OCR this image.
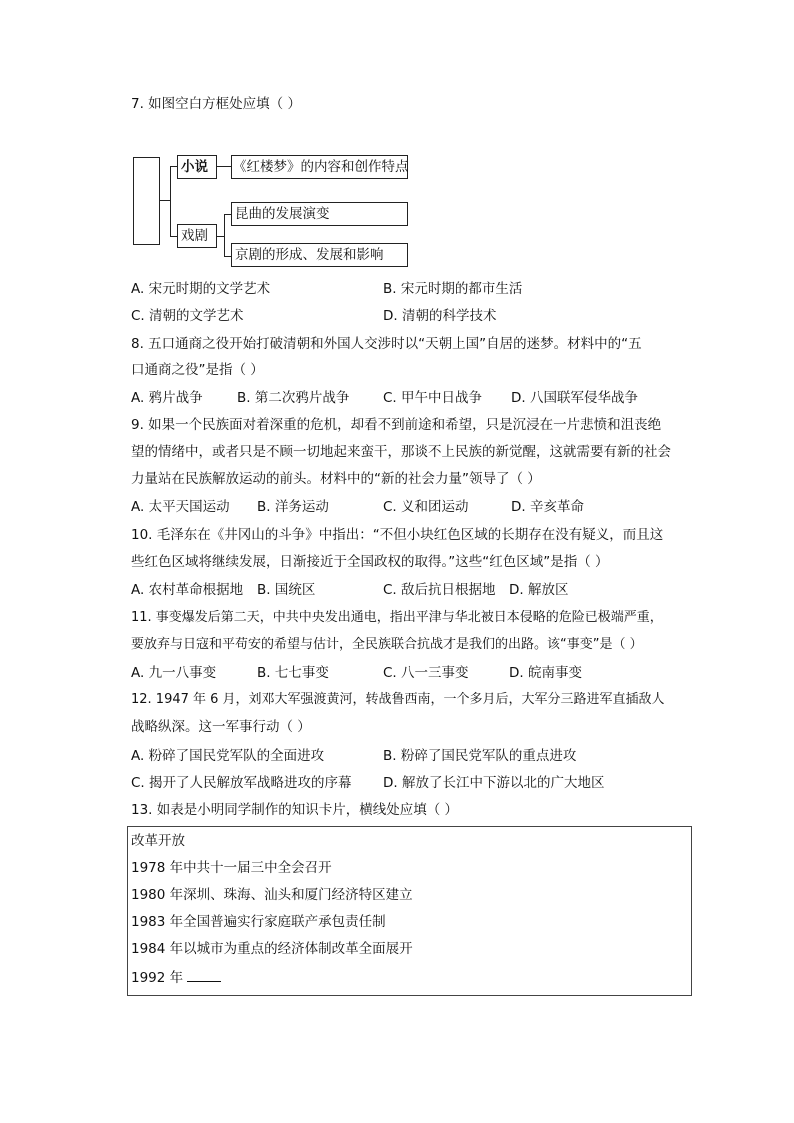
7. 如图空白方框处应填（ ）
小说 《红楼梦》的内容和创作特点
戏剧
昆曲的发展演变
京剧的形成、发展和影响
A. 宋元时期的文学艺术	B. 宋元时期的都市生活
C. 清朝的文学艺术	D. 清朝的科学技术
8. 五口通商之役开始打破清朝和外国人交涉时以“天朝上国”自居的迷梦。材料中的“五
口通商之役”是指（ ）
A. 鸦片战争	B. 第二次鸦片战争 C. 甲午中日战争 D. 八国联军侵华战争
9. 如果一个民族面对着深重的危机，却看不到前途和希望，只是沉浸在一片悲愤和沮丧绝
望的情绪中，或者只是不顾一切地起来蛮干，那谈不上民族的新觉醒，这就需要有新的社会
力量站在民族解放运动的前头。材料中的“新的社会力量”领导了（ ）
A. 太平天国运动 B. 洋务运动	C. 义和团运动	D. 辛亥革命
10. 毛泽东在《井冈山的斗争》中指出：“不但小块红色区域的长期存在没有疑义，而且这
些红色区域将继续发展，日渐接近于全国政权的取得。”这些“红色区域”是指（ ）
A. 农村革命根据地 B. 国统区	C. 敌后抗日根据地 D. 解放区
11. 事变爆发后第二天，中共中央发出通电，指出平津与华北被日本侵略的危险已极端严重，
要放弃与日寇和平苟安的希望与估计，全民族联合抗战才是我们的出路。该“事变”是（ ）
A. 九一八事变	B. 七七事变	C. 八一三事变	D. 皖南事变
12. 1947 年 6 月，刘邓大军强渡黄河，转战鲁西南，一个多月后，大军分三路进军直插敌人
战略纵深。这一军事行动（ ）
A. 粉碎了国民党军队的全面进攻	B. 粉碎了国民党军队的重点进攻
C. 揭开了人民解放军战略进攻的序幕 D. 解放了长江中下游以北的广大地区
13. 如表是小明同学制作的知识卡片，横线处应填（ ）
改革开放
1978 年中共十一届三中全会召开
1980 年深圳、珠海、汕头和厦门经济特区建立
1983 年全国普遍实行家庭联产承包责任制
1984 年以城市为重点的经济体制改革全面展开
1992 年
